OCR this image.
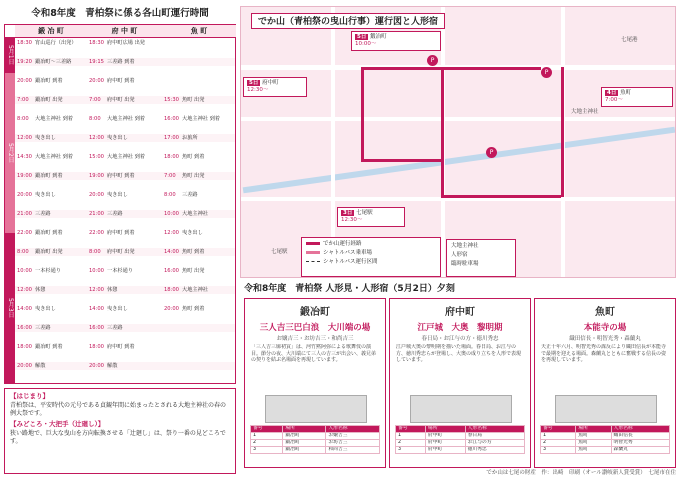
令和8年度　青柏祭に係る各山町運行時間
鍛 冶 町	府 中 町	魚 町
5月1日
5月2日
5月3日
18:30 宵山巡行（出発）	18:30 府中町広場 出発
19:20 鍛冶町〜三差路	19:15 三差路 到着
20:00 鍛冶町 到着	20:00 府中町 到着
7:00	鍛冶町 出発	7:00	府中町 出発	15:30 魚町 出発
8:00	大地主神社 到着	8:00	大地主神社 到着	16:00 大地主神社 到着
12:00 曳き出し	12:00 曳き出し	17:00 お旅所
14:30 大地主神社 到着	15:00 大地主神社 到着	18:00 魚町 到着
19:00 鍛冶町 到着	19:00 府中町 到着	7:00	魚町 出発
20:00 曳き出し	20:00 曳き出し	8:00	三差路
21:00 三差路	21:00 三差路	10:00 大地主神社
22:00 鍛冶町 到着	22:00 府中町 到着	12:00 曳き出し
8:00	鍛冶町 出発	8:00	府中町 出発	14:00 魚町 到着
10:00 一本杉通り	10:00 一本杉通り	16:00 魚町 出発
12:00 休憩	12:00 休憩	18:00 大地主神社
14:00 曳き出し	14:00 曳き出し	20:00 魚町 到着
16:00 三差路	16:00 三差路
18:00 鍛冶町 到着	18:00 府中町 到着
20:00 解散	20:00 解散

【はじまり】

青柏祭は、平安時代の元号である貞観年間に始まったとされる大地主神社の春の例大祭です。

【みどころ・大把手（辻廻し）】

狭い路地で、巨大な曳山を方向転換させる「辻廻し」は、祭り一番の見どころです。

でか山（青柏祭の曳山行事）運行図と人形宿
七尾港
七尾駅
大地主神社
5日 鍛冶町
10:00〜
5日 府中町
12:30〜	4日 魚町
7:00〜
3日 七尾駅
12:30〜
P
P
P
でか山運行経路
シャトルバス乗車場
シャトルバス運行区間
大地主神社
人形宿
臨時駐車場
令和8年度　青柏祭 人形見・人形宿（5月2日）夕刻
鍛冶町
三人吉三巴白浪　大川端の場
お嬢吉三・お坊吉三・和尚吉三
「三人吉三廓初買」は、河竹黙阿弥による歌舞伎の演目。節分の夜、大川端にて三人の吉三が出会い、義兄弟の契りを結ぶ名場面を再現しています。
番号	場所	人形名称
1	鍛冶町	お嬢吉三
2	鍛冶町	お坊吉三
3	鍛冶町	和尚吉三
府中町
江戸城　大奥　黎明期
春日局・お江与の方・徳川秀忠
江戸城大奥の黎明期を描いた場面。春日局、お江与の方、徳川秀忠らが登場し、大奥の成り立ちを人形で表現しています。
番号	場所	人形名称
1	府中町	春日局
2	府中町	お江与の方
3	府中町	徳川秀忠
魚町
本能寺の場
織田信長・明智光秀・森蘭丸
天正十年六月、明智光秀の謀反により織田信長が本能寺で最期を迎える場面。森蘭丸とともに奮戦する信長の姿を再現しています。
番号	場所	人形名称
1	魚町	織田信長
2	魚町	明智光秀
3	魚町	森蘭丸
でか山は七尾の財産　作：出崎　印刷（オール讃岐新人賞受賞）　七尾市在住
